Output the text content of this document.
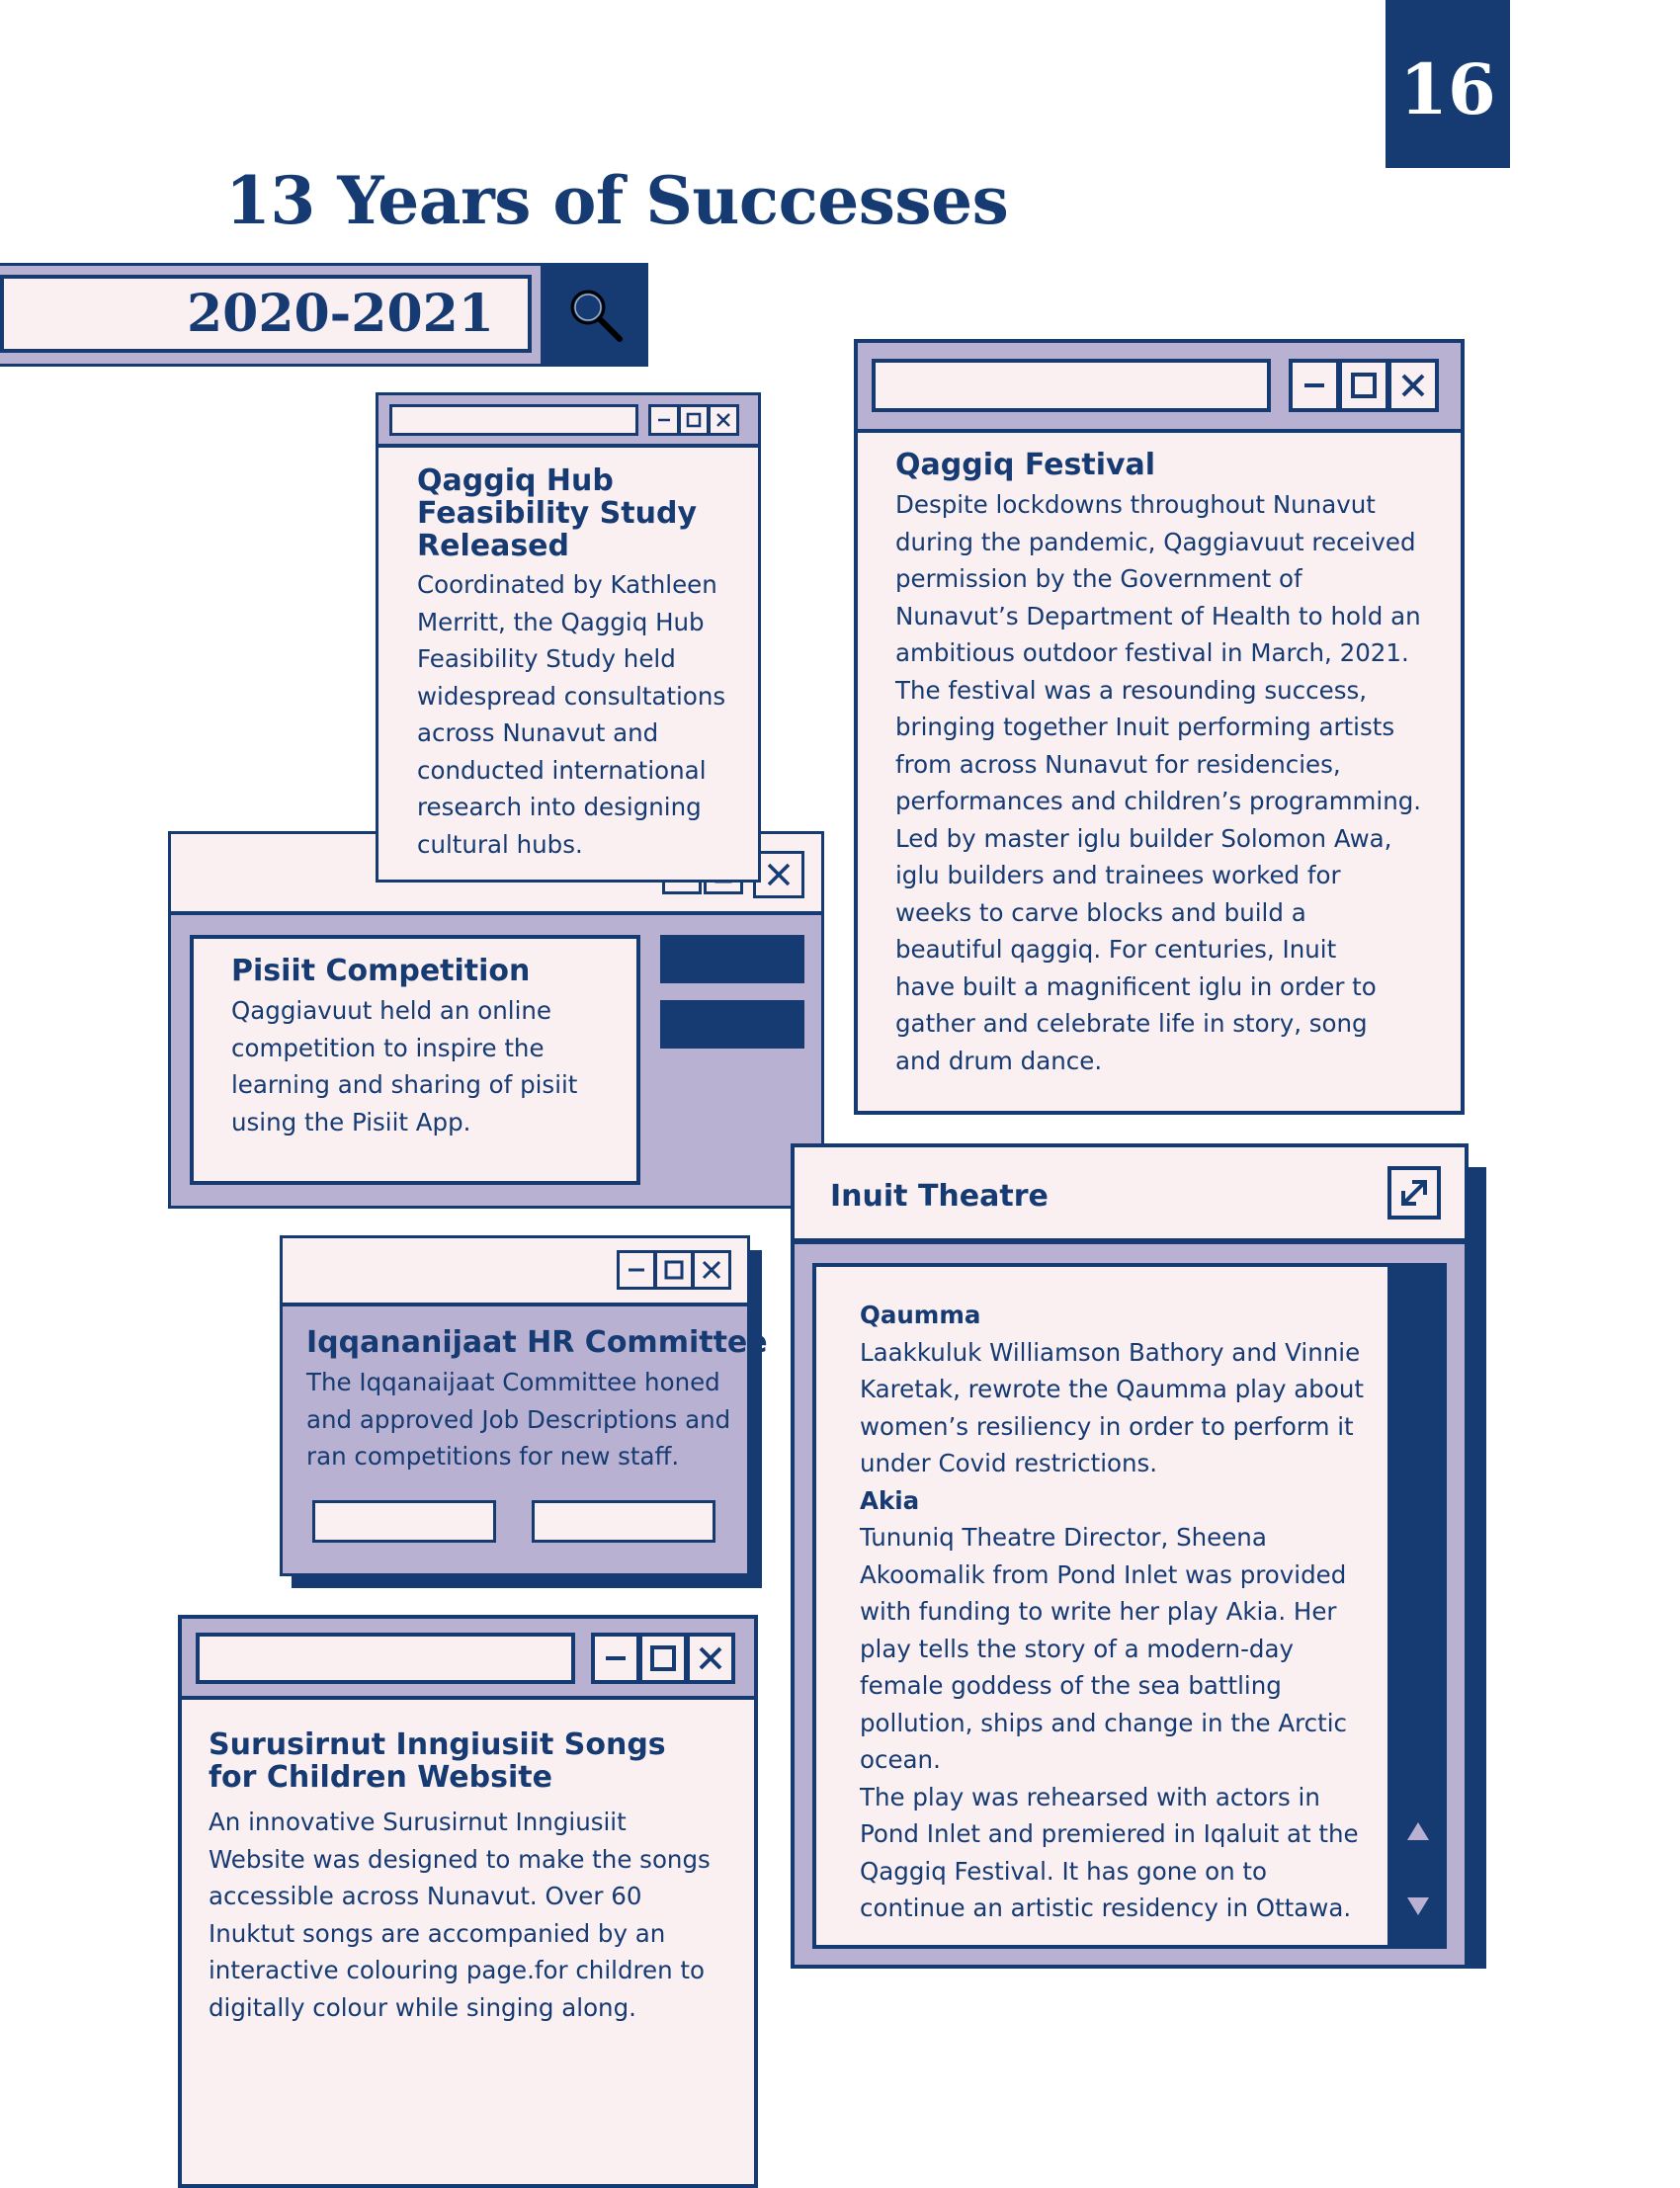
16
13 Years of Successes
2020-2021

Pisiit Competition

Qaggiavuut held an online competition to inspire the learning and sharing of pisiit using the Pisiit App.

Qaggiq Hub Feasibility Study Released

Coordinated by Kathleen Merritt, the Qaggiq Hub Feasibility Study held widespread consultations across Nunavut and conducted international research into designing cultural hubs.

Qaggiq Festival

Despite lockdowns throughout Nunavut during the pandemic, Qaggiavuut received permission by the Government of Nunavut’s Department of Health to hold an ambitious outdoor festival in March, 2021. The festival was a resounding success, bringing together Inuit performing artists from across Nunavut for residencies, performances and children’s programming.

Led by master iglu builder Solomon Awa, iglu builders and trainees worked for weeks to carve blocks and build a beautiful qaggiq. For centuries, Inuit have built a magnificent iglu in order to gather and celebrate life in story, song and drum dance.

Inuit Theatre

Qaumma

Laakkuluk Williamson Bathory and Vinnie Karetak, rewrote the Qaumma play about women’s resiliency in order to perform it under Covid restrictions.

Akia

Tununiq Theatre Director, Sheena Akoomalik from Pond Inlet was provided with funding to write her play Akia. Her play tells the story of a modern-day female goddess of the sea battling pollution, ships and change in the Arctic ocean.

The play was rehearsed with actors in Pond Inlet and premiered in Iqaluit at the Qaggiq Festival. It has gone on to continue an artistic residency in Ottawa.

Iqqananijaat HR Committee

The Iqqanaijaat Committee honed and approved Job Descriptions and ran competitions for new staff.

Surusirnut Inngiusiit Songs for Children Website

An innovative Surusirnut Inngiusiit Website was designed to make the songs accessible across Nunavut. Over 60 Inuktut songs are accompanied by an interactive colouring page.for children to digitally colour while singing along.
